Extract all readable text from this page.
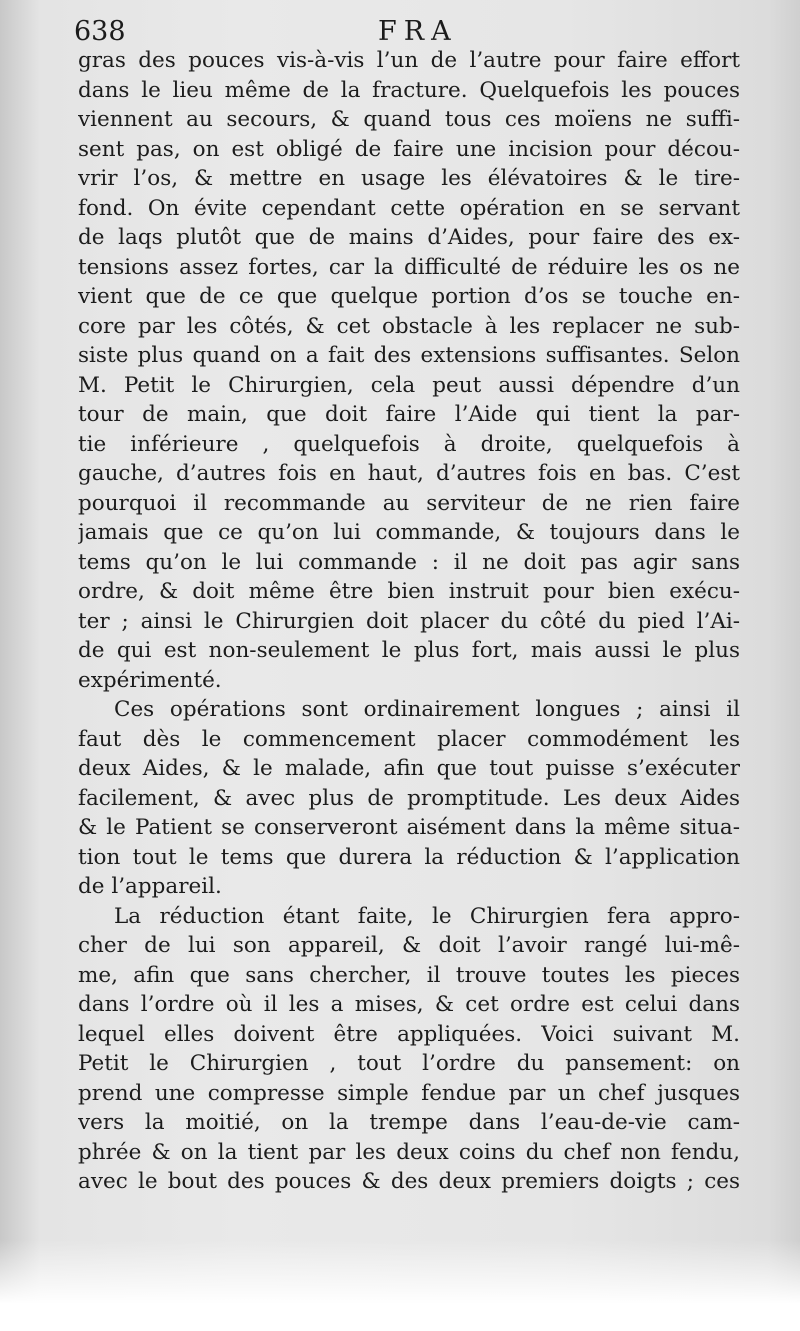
638	FRA
gras des pouces vis-à-vis l’un de l’autre pour faire effort
dans le lieu même de la fracture. Quelquefois les pouces
viennent au secours, & quand tous ces moïens ne suffi-
sent pas, on est obligé de faire une incision pour décou-
vrir l’os, & mettre en usage les élévatoires & le tire-
fond. On évite cependant cette opération en se servant
de laqs plutôt que de mains d’Aides, pour faire des ex-
tensions assez fortes, car la difficulté de réduire les os ne
vient que de ce que quelque portion d’os se touche en-
core par les côtés, & cet obstacle à les replacer ne sub-
siste plus quand on a fait des extensions suffisantes. Selon
M. Petit le Chirurgien, cela peut aussi dépendre d’un
tour de main, que doit faire l’Aide qui tient la par-
tie inférieure , quelquefois à droite, quelquefois à
gauche, d’autres fois en haut, d’autres fois en bas. C’est
pourquoi il recommande au serviteur de ne rien faire
jamais que ce qu’on lui commande, & toujours dans le
tems qu’on le lui commande : il ne doit pas agir sans
ordre, & doit même être bien instruit pour bien exécu-
ter ; ainsi le Chirurgien doit placer du côté du pied l’Ai-
de qui est non-seulement le plus fort, mais aussi le plus
expérimenté.
Ces opérations sont ordinairement longues ; ainsi il
faut dès le commencement placer commodément les
deux Aides, & le malade, afin que tout puisse s’exécuter
facilement, & avec plus de promptitude. Les deux Aides
& le Patient se conserveront aisément dans la même situa-
tion tout le tems que durera la réduction & l’application
de l’appareil.
La réduction étant faite, le Chirurgien fera appro-
cher de lui son appareil, & doit l’avoir rangé lui-mê-
me, afin que sans chercher, il trouve toutes les pieces
dans l’ordre où il les a mises, & cet ordre est celui dans
lequel elles doivent être appliquées. Voici suivant M.
Petit le Chirurgien , tout l’ordre du pansement: on
prend une compresse simple fendue par un chef jusques
vers la moitié, on la trempe dans l’eau-de-vie cam-
phrée & on la tient par les deux coins du chef non fendu,
avec le bout des pouces & des deux premiers doigts ; ces
